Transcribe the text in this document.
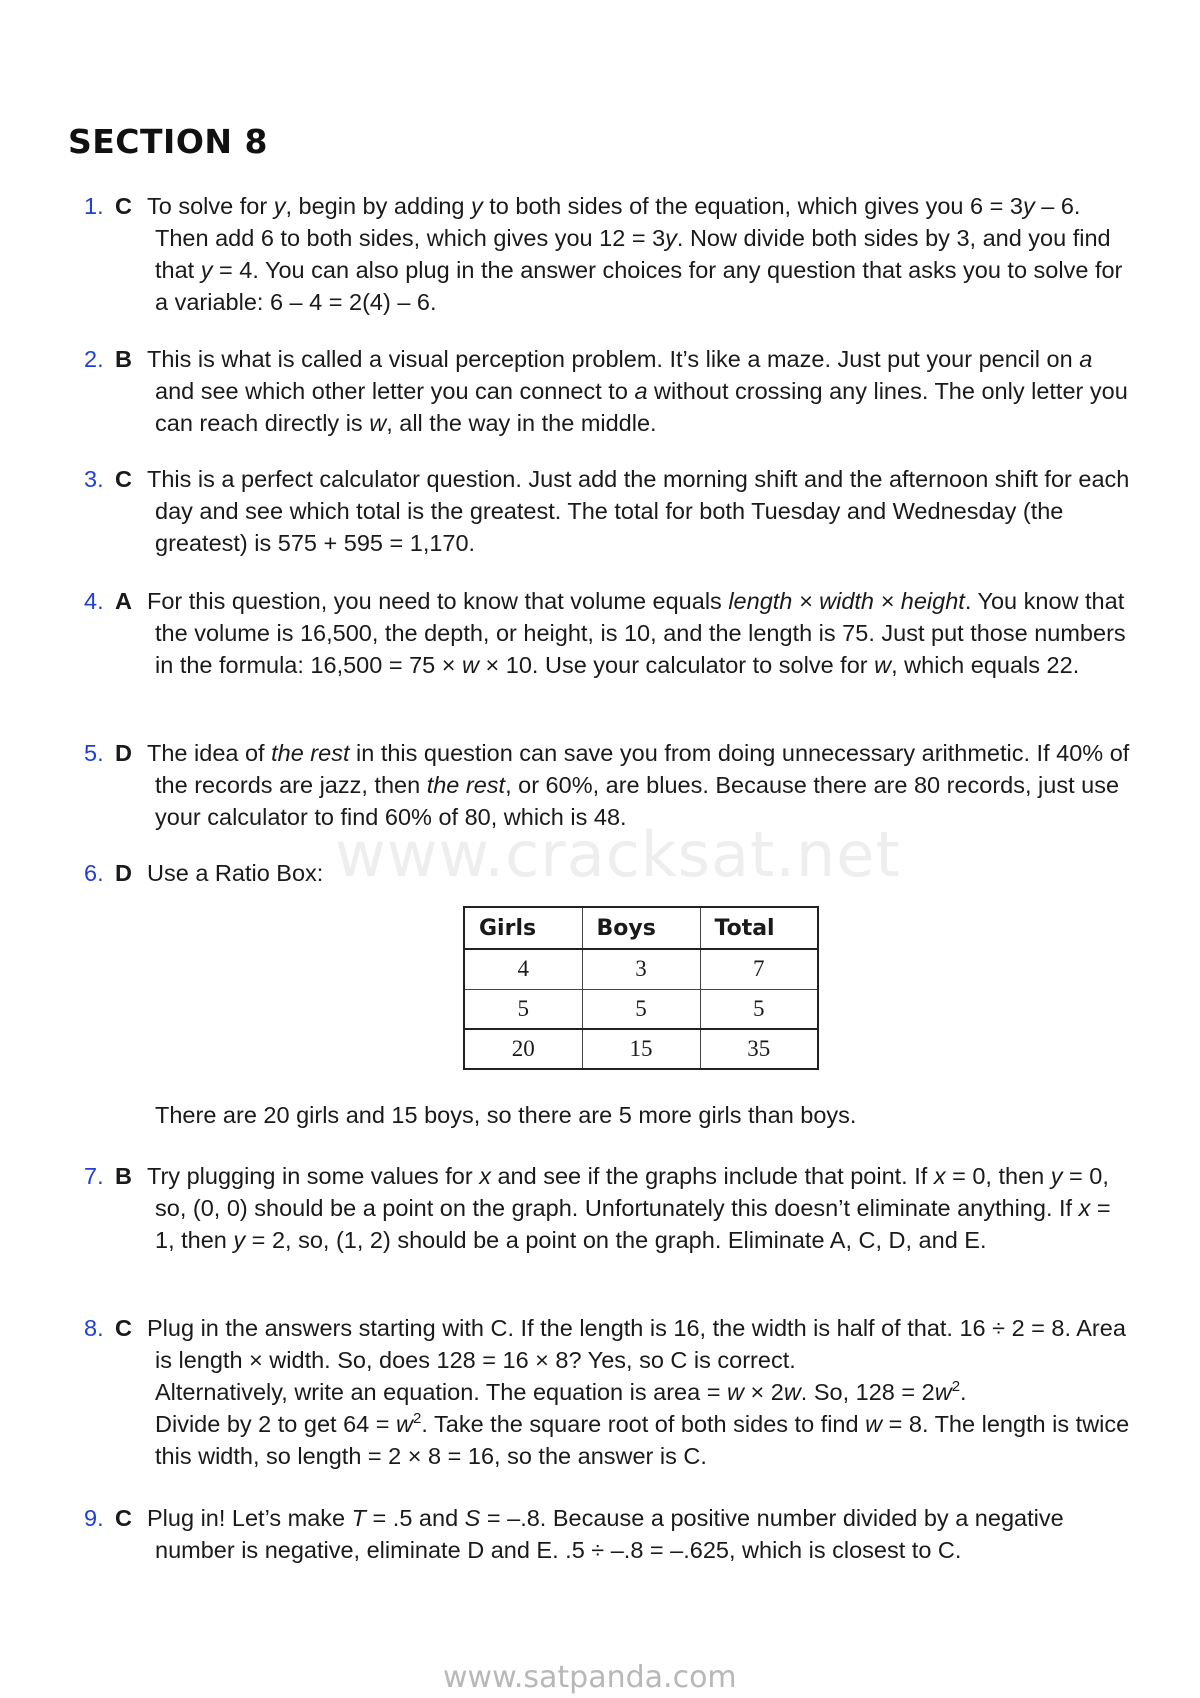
www.cracksat.net
SECTION 8
1. C To solve for y, begin by adding y to both sides of the equation, which gives you 6 = 3y – 6. Then add 6 to both sides, which gives you 12 = 3y. Now divide both sides by 3, and you find that y = 4. You can also plug in the answer choices for any question that asks you to solve for a variable: 6 – 4 = 2(4) – 6.
2. B This is what is called a visual perception problem. It’s like a maze. Just put your pencil on a and see which other letter you can connect to a without crossing any lines. The only letter you can reach directly is w, all the way in the middle.
3. C This is a perfect calculator question. Just add the morning shift and the afternoon shift for each day and see which total is the greatest. The total for both Tuesday and Wednesday (the greatest) is 575 + 595 = 1,170.
4. A For this question, you need to know that volume equals length × width × height. You know that the volume is 16,500, the depth, or height, is 10, and the length is 75. Just put those numbers in the formula: 16,500 = 75 × w × 10. Use your calculator to solve for w, which equals 22.
5. D The idea of the rest in this question can save you from doing unnecessary arithmetic. If 40% of the records are jazz, then the rest, or 60%, are blues. Because there are 80 records, just use your calculator to find 60% of 80, which is 48.
6. D Use a Ratio Box:
Girls	Boys	Total
4	3	7
5	5	5
20	15	35
There are 20 girls and 15 boys, so there are 5 more girls than boys.
7. B Try plugging in some values for x and see if the graphs include that point. If x = 0, then y = 0, so, (0, 0) should be a point on the graph. Unfortunately this doesn’t eliminate anything. If x = 1, then y = 2, so, (1, 2) should be a point on the graph. Eliminate A, C, D, and E.
8. C Plug in the answers starting with C. If the length is 16, the width is half of that. 16 ÷ 2 = 8. Area is length × width. So, does 128 = 16 × 8? Yes, so C is correct.
Alternatively, write an equation. The equation is area = w × 2w. So, $128 = 2w^2$.
Divide by 2 to get $64 = w^2$. Take the square root of both sides to find w = 8. The length is twice this width, so length = 2 × 8 = 16, so the answer is C.
9. C Plug in! Let’s make T = .5 and S = –.8. Because a positive number divided by a negative number is negative, eliminate D and E. .5 ÷ –.8 = –.625, which is closest to C.
www.satpanda.com
